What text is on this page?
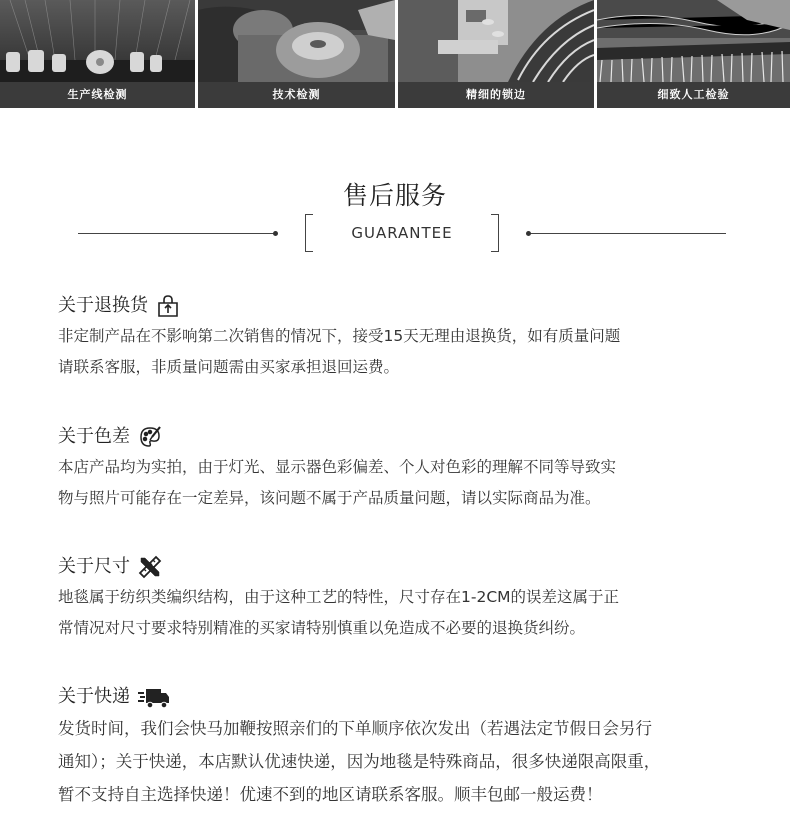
生产线检测	技术检测	精细的锁边	细致人工检验
售后服务
GUARANTEE
关于退换货
非定制产品在不影响第二次销售的情况下，接受15天无理由退换货，如有质量问题
请联系客服，非质量问题需由买家承担退回运费。
关于色差
本店产品均为实拍，由于灯光、显示器色彩偏差、个人对色彩的理解不同等导致实
物与照片可能存在一定差异，该问题不属于产品质量问题，请以实际商品为准。
关于尺寸
地毯属于纺织类编织结构，由于这种工艺的特性，尺寸存在1-2CM的误差这属于正
常情况对尺寸要求特别精准的买家请特别慎重以免造成不必要的退换货纠纷。
关于快递
发货时间，我们会快马加鞭按照亲们的下单顺序依次发出（若遇法定节假日会另行
通知）；关于快递，本店默认优速快递，因为地毯是特殊商品，很多快递限高限重，
暂不支持自主选择快递！优速不到的地区请联系客服。顺丰包邮一般运费！
